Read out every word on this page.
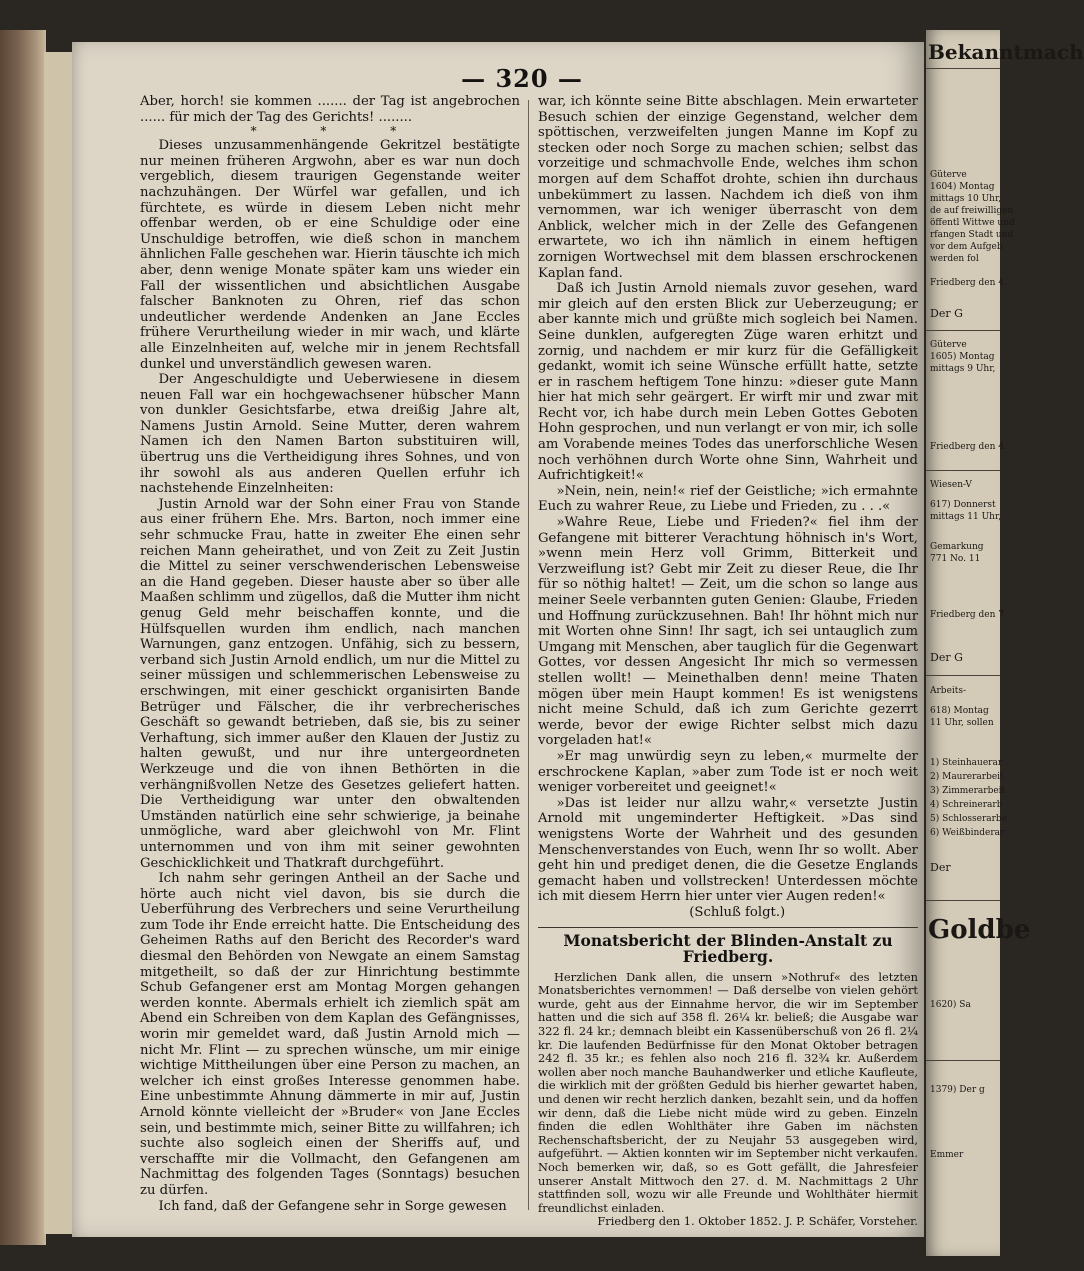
— 320 —

Aber, horch! sie kommen ....... der Tag ist angebrochen ...... für mich der Tag des Gerichts! ........

* * *

Dieses unzusammenhängende Gekritzel bestätigte nur meinen früheren Argwohn, aber es war nun doch vergeblich, diesem traurigen Gegenstande weiter nachzuhängen. Der Würfel war gefallen, und ich fürchtete, es würde in diesem Leben nicht mehr offenbar werden, ob er eine Schuldige oder eine Unschuldige betroffen, wie dieß schon in manchem ähnlichen Falle geschehen war. Hierin täuschte ich mich aber, denn wenige Monate später kam uns wieder ein Fall der wissentlichen und absichtlichen Ausgabe falscher Banknoten zu Ohren, rief das schon undeutlicher werdende Andenken an Jane Eccles frühere Verurtheilung wieder in mir wach, und klärte alle Einzelnheiten auf, welche mir in jenem Rechtsfall dunkel und unverständlich gewesen waren.

Der Angeschuldigte und Ueberwiesene in diesem neuen Fall war ein hochgewachsener hübscher Mann von dunkler Gesichtsfarbe, etwa dreißig Jahre alt, Namens Justin Arnold. Seine Mutter, deren wahrem Namen ich den Namen Barton substituiren will, übertrug uns die Vertheidigung ihres Sohnes, und von ihr sowohl als aus anderen Quellen erfuhr ich nachstehende Einzelnheiten:

Justin Arnold war der Sohn einer Frau von Stande aus einer frühern Ehe. Mrs. Barton, noch immer eine sehr schmucke Frau, hatte in zweiter Ehe einen sehr reichen Mann geheirathet, und von Zeit zu Zeit Justin die Mittel zu seiner verschwenderischen Lebensweise an die Hand gegeben. Dieser hauste aber so über alle Maaßen schlimm und zügellos, daß die Mutter ihm nicht genug Geld mehr beischaffen konnte, und die Hülfsquellen wurden ihm endlich, nach manchen Warnungen, ganz entzogen. Unfähig, sich zu bessern, verband sich Justin Arnold endlich, um nur die Mittel zu seiner müssigen und schlemmerischen Lebensweise zu erschwingen, mit einer geschickt organisirten Bande Betrüger und Fälscher, die ihr verbrecherisches Geschäft so gewandt betrieben, daß sie, bis zu seiner Verhaftung, sich immer außer den Klauen der Justiz zu halten gewußt, und nur ihre untergeordneten Werkzeuge und die von ihnen Bethörten in die verhängnißvollen Netze des Gesetzes geliefert hatten. Die Vertheidigung war unter den obwaltenden Umständen natürlich eine sehr schwierige, ja beinahe unmögliche, ward aber gleichwohl von Mr. Flint unternommen und von ihm mit seiner gewohnten Geschicklichkeit und Thatkraft durchgeführt.

Ich nahm sehr geringen Antheil an der Sache und hörte auch nicht viel davon, bis sie durch die Ueberführung des Verbrechers und seine Verurtheilung zum Tode ihr Ende erreicht hatte. Die Entscheidung des Geheimen Raths auf den Bericht des Recorder's ward diesmal den Behörden von Newgate an einem Samstag mitgetheilt, so daß der zur Hinrichtung bestimmte Schub Gefangener erst am Montag Morgen gehangen werden konnte. Abermals erhielt ich ziemlich spät am Abend ein Schreiben von dem Kaplan des Gefängnisses, worin mir gemeldet ward, daß Justin Arnold mich — nicht Mr. Flint — zu sprechen wünsche, um mir einige wichtige Mittheilungen über eine Person zu machen, an welcher ich einst großes Interesse genommen habe. Eine unbestimmte Ahnung dämmerte in mir auf, Justin Arnold könnte vielleicht der »Bruder« von Jane Eccles sein, und bestimmte mich, seiner Bitte zu willfahren; ich suchte also sogleich einen der Sheriffs auf, und verschaffte mir die Vollmacht, den Gefangenen am Nachmittag des folgenden Tages (Sonntags) besuchen zu dürfen.

Ich fand, daß der Gefangene sehr in Sorge gewesen

war, ich könnte seine Bitte abschlagen. Mein erwarteter Besuch schien der einzige Gegenstand, welcher dem spöttischen, verzweifelten jungen Manne im Kopf zu stecken oder noch Sorge zu machen schien; selbst das vorzeitige und schmachvolle Ende, welches ihm schon morgen auf dem Schaffot drohte, schien ihn durchaus unbekümmert zu lassen. Nachdem ich dieß von ihm vernommen, war ich weniger überrascht von dem Anblick, welcher mich in der Zelle des Gefangenen erwartete, wo ich ihn nämlich in einem heftigen zornigen Wortwechsel mit dem blassen erschrockenen Kaplan fand.

Daß ich Justin Arnold niemals zuvor gesehen, ward mir gleich auf den ersten Blick zur Ueberzeugung; er aber kannte mich und grüßte mich sogleich bei Namen. Seine dunklen, aufgeregten Züge waren erhitzt und zornig, und nachdem er mir kurz für die Gefälligkeit gedankt, womit ich seine Wünsche erfüllt hatte, setzte er in raschem heftigem Tone hinzu: »dieser gute Mann hier hat mich sehr geärgert. Er wirft mir und zwar mit Recht vor, ich habe durch mein Leben Gottes Geboten Hohn gesprochen, und nun verlangt er von mir, ich solle am Vorabende meines Todes das unerforschliche Wesen noch verhöhnen durch Worte ohne Sinn, Wahrheit und Aufrichtigkeit!«

»Nein, nein, nein!« rief der Geistliche; »ich ermahnte Euch zu wahrer Reue, zu Liebe und Frieden, zu . . .«

»Wahre Reue, Liebe und Frieden?« fiel ihm der Gefangene mit bitterer Verachtung höhnisch in's Wort, »wenn mein Herz voll Grimm, Bitterkeit und Verzweiflung ist? Gebt mir Zeit zu dieser Reue, die Ihr für so nöthig haltet! — Zeit, um die schon so lange aus meiner Seele verbannten guten Genien: Glaube, Frieden und Hoffnung zurückzusehnen. Bah! Ihr höhnt mich nur mit Worten ohne Sinn! Ihr sagt, ich sei untauglich zum Umgang mit Menschen, aber tauglich für die Gegenwart Gottes, vor dessen Angesicht Ihr mich so vermessen stellen wollt! — Meinethalben denn! meine Thaten mögen über mein Haupt kommen! Es ist wenigstens nicht meine Schuld, daß ich zum Gerichte gezerrt werde, bevor der ewige Richter selbst mich dazu vorgeladen hat!«

»Er mag unwürdig seyn zu leben,« murmelte der erschrockene Kaplan, »aber zum Tode ist er noch weit weniger vorbereitet und geeignet!«

»Das ist leider nur allzu wahr,« versetzte Justin Arnold mit ungeminderter Heftigkeit. »Das sind wenigstens Worte der Wahrheit und des gesunden Menschenverstandes von Euch, wenn Ihr so wollt. Aber geht hin und prediget denen, die die Gesetze Englands gemacht haben und vollstrecken! Unterdessen möchte ich mit diesem Herrn hier unter vier Augen reden!«

(Schluß folgt.)

Monatsbericht der Blinden-Anstalt zu Friedberg.

Herzlichen Dank allen, die unsern »Nothruf« des letzten Monatsberichtes vernommen! — Daß derselbe von vielen gehört wurde, geht aus der Einnahme hervor, die wir im September hatten und die sich auf 358 fl. 26¼ kr. beließ; die Ausgabe war 322 fl. 24 kr.; demnach bleibt ein Kassenüberschuß von 26 fl. 2¼ kr. Die laufenden Bedürfnisse für den Monat Oktober betragen 242 fl. 35 kr.; es fehlen also noch 216 fl. 32¾ kr. Außerdem wollen aber noch manche Bauhandwerker und etliche Kaufleute, die wirklich mit der größten Geduld bis hierher gewartet haben, und denen wir recht herzlich danken, bezahlt sein, und da hoffen wir denn, daß die Liebe nicht müde wird zu geben. Einzeln finden die edlen Wohlthäter ihre Gaben im nächsten Rechenschaftsbericht, der zu Neujahr 53 ausgegeben wird, aufgeführt. — Aktien konnten wir im September nicht verkaufen. Noch bemerken wir, daß, so es Gott gefällt, die Jahresfeier unserer Anstalt Mittwoch den 27. d. M. Nachmittags 2 Uhr stattfinden soll, wozu wir alle Freunde und Wohlthäter hiermit freundlichst einladen.

Friedberg den 1. Oktober 1852. J. P. Schäfer, Vorsteher.

Bekanntmach
Güterve
1604) Montag
mittags 10 Uhr,
de auf freiwilligen
öffentl Wittwe und
rfangen Stadt und
vor dem Aufgeb
werden fol
Friedberg den 4.
Der G
Güterve
1605) Montag
mittags 9 Uhr,
Friedberg den 4.
Wiesen-V
617) Donnerst
mittags 11 Uhr,
Gemarkung
771 No. 11
Friedberg den 7
Der G
Arbeits-
618) Montag
11 Uhr, sollen
1) Steinhauerar
2) Maurerarbeit
3) Zimmerarbeit
4) Schreinerarb
5) Schlosserarbe
6) Weißbinderar
Der
Goldbe
1620) Sa
1379) Der g
Emmer
